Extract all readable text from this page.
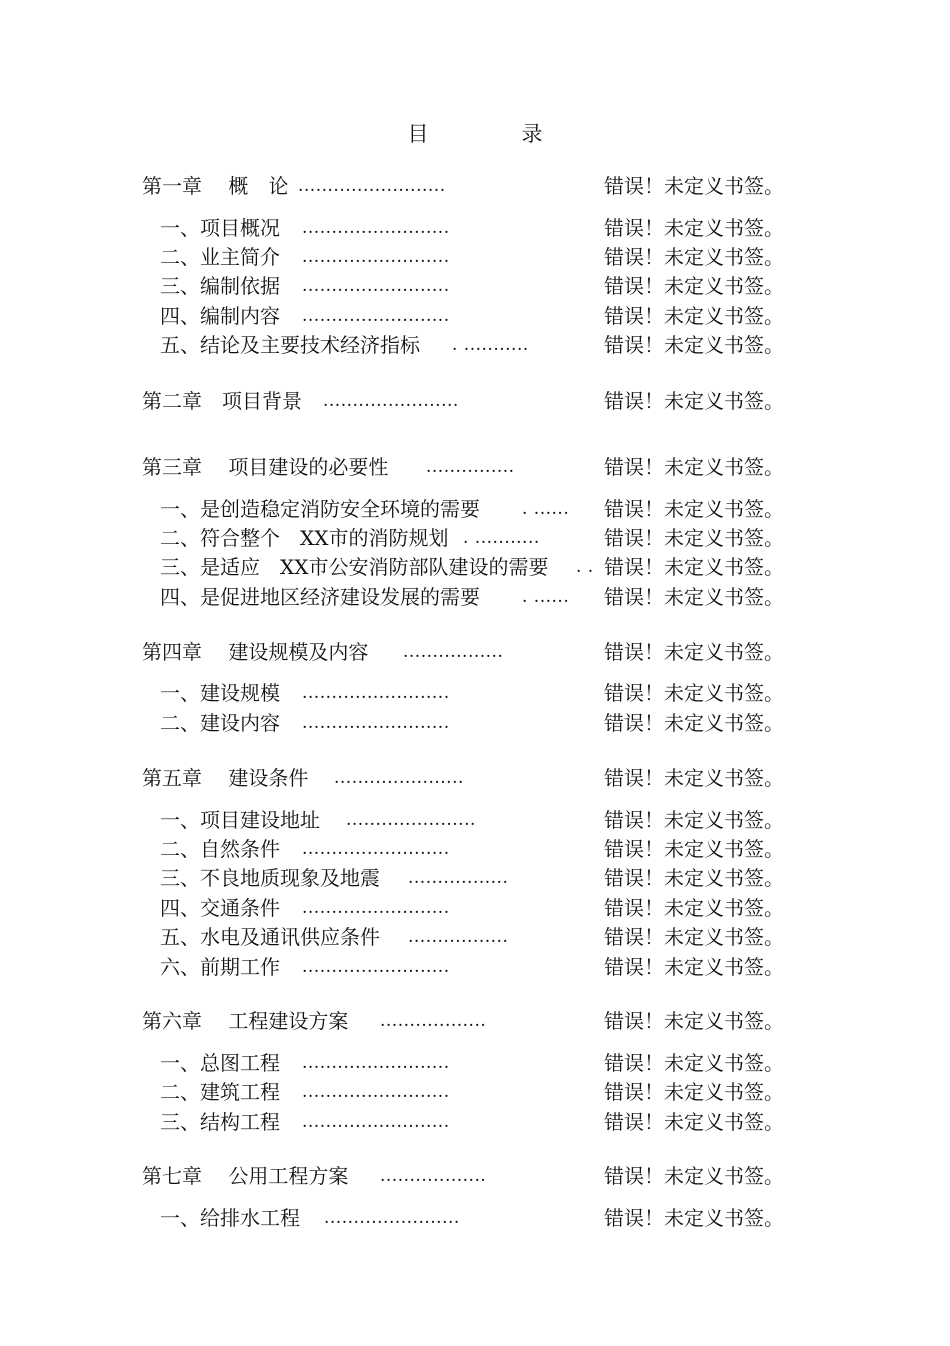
目　录
第一章　 概　论 .........................	错误！未定义书签。
一、项目概况 .........................	错误！未定义书签。
二、业主简介 .........................	错误！未定义书签。
三、编制依据 .........................	错误！未定义书签。
四、编制内容 .........................	错误！未定义书签。
五、结论及主要技术经济指标 . ...........	错误！未定义书签。
第二章　项目背景 .......................	错误！未定义书签。
第三章　 项目建设的必要性 ...............	错误！未定义书签。
一、是创造稳定消防安全环境的需要 . ...... 错误！未定义书签。
二、符合整个　XX市的消防规划 . ...........	错误！未定义书签。
三、是适应　XX市公安消防部队建设的需要 . . 错误！未定义书签。
四、是促进地区经济建设发展的需要 . ...... 错误！未定义书签。
第四章　 建设规模及内容 .................	错误！未定义书签。
一、建设规模 .........................	错误！未定义书签。
二、建设内容 .........................	错误！未定义书签。
第五章　 建设条件 ......................	错误！未定义书签。
一、项目建设地址 ......................	错误！未定义书签。
二、自然条件 .........................	错误！未定义书签。
三、不良地质现象及地震 .................	错误！未定义书签。
四、交通条件 .........................	错误！未定义书签。
五、水电及通讯供应条件 .................	错误！未定义书签。
六、前期工作 .........................	错误！未定义书签。
第六章　 工程建设方案 ..................	错误！未定义书签。
一、总图工程 .........................	错误！未定义书签。
二、建筑工程 .........................	错误！未定义书签。
三、结构工程 .........................	错误！未定义书签。
第七章　 公用工程方案 ..................	错误！未定义书签。
一、给排水工程 .......................	错误！未定义书签。
